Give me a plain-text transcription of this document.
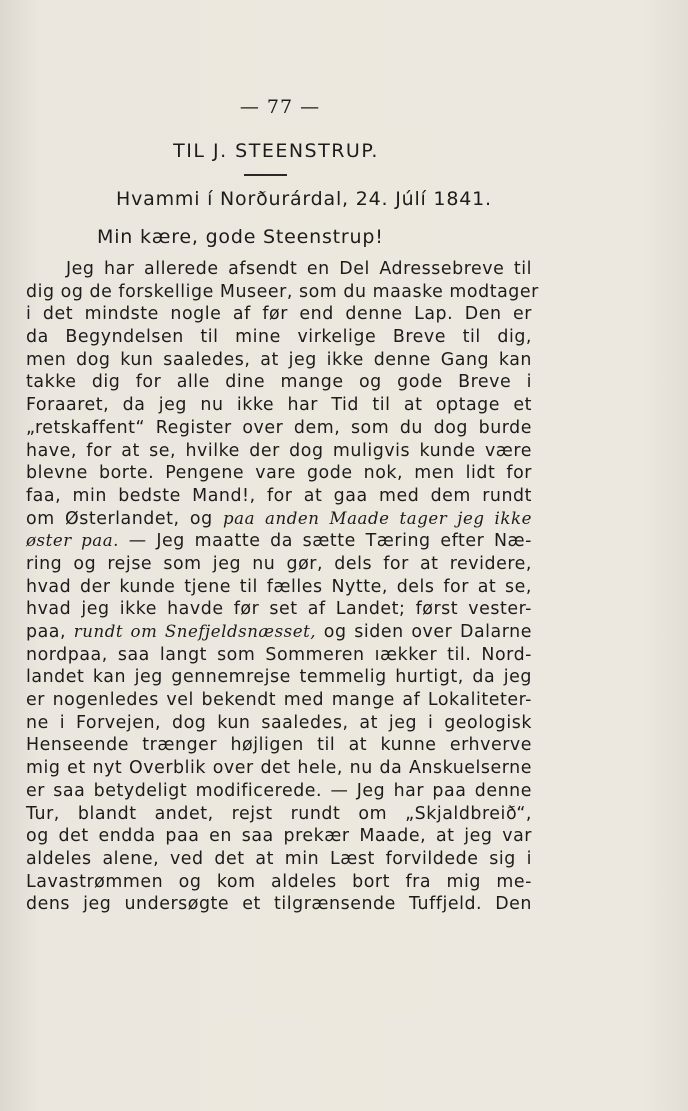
— 77 —
TIL J. STEENSTRUP.
Hvammi í Norðurárdal, 24. Júlí 1841.
Min kære, gode Steenstrup!
Jeg har allerede afsendt en Del Adressebreve til
dig og de forskellige Museer, som du maaske modtager
i det mindste nogle af før end denne Lap. Den er
da Begyndelsen til mine virkelige Breve til dig,
men dog kun saaledes, at jeg ikke denne Gang kan
takke dig for alle dine mange og gode Breve i
Foraaret, da jeg nu ikke har Tid til at optage et
„retskaffent“ Register over dem, som du dog burde
have, for at se, hvilke der dog muligvis kunde være
blevne borte. Pengene vare gode nok, men lidt for
faa, min bedste Mand!, for at gaa med dem rundt
om Østerlandet, og paa anden Maade tager jeg ikke
øster paa. — Jeg maatte da sætte Tæring efter Næ-
ring og rejse som jeg nu gør, dels for at revidere,
hvad der kunde tjene til fælles Nytte, dels for at se,
hvad jeg ikke havde før set af Landet; først vester-
paa, rundt om Snefjeldsnæsset, og siden over Dalarne
nordpaa, saa langt som Sommeren ıækker til. Nord-
landet kan jeg gennemrejse temmelig hurtigt, da jeg
er nogenledes vel bekendt med mange af Lokaliteter-
ne i Forvejen, dog kun saaledes, at jeg i geologisk
Henseende trænger højligen til at kunne erhverve
mig et nyt Overblik over det hele, nu da Anskuelserne
er saa betydeligt modificerede. — Jeg har paa denne
Tur, blandt andet, rejst rundt om „Skjaldbreið“,
og det endda paa en saa prekær Maade, at jeg var
aldeles alene, ved det at min Læst forvildede sig i
Lavastrømmen og kom aldeles bort fra mig me-
dens jeg undersøgte et tilgrænsende Tuffjeld. Den
